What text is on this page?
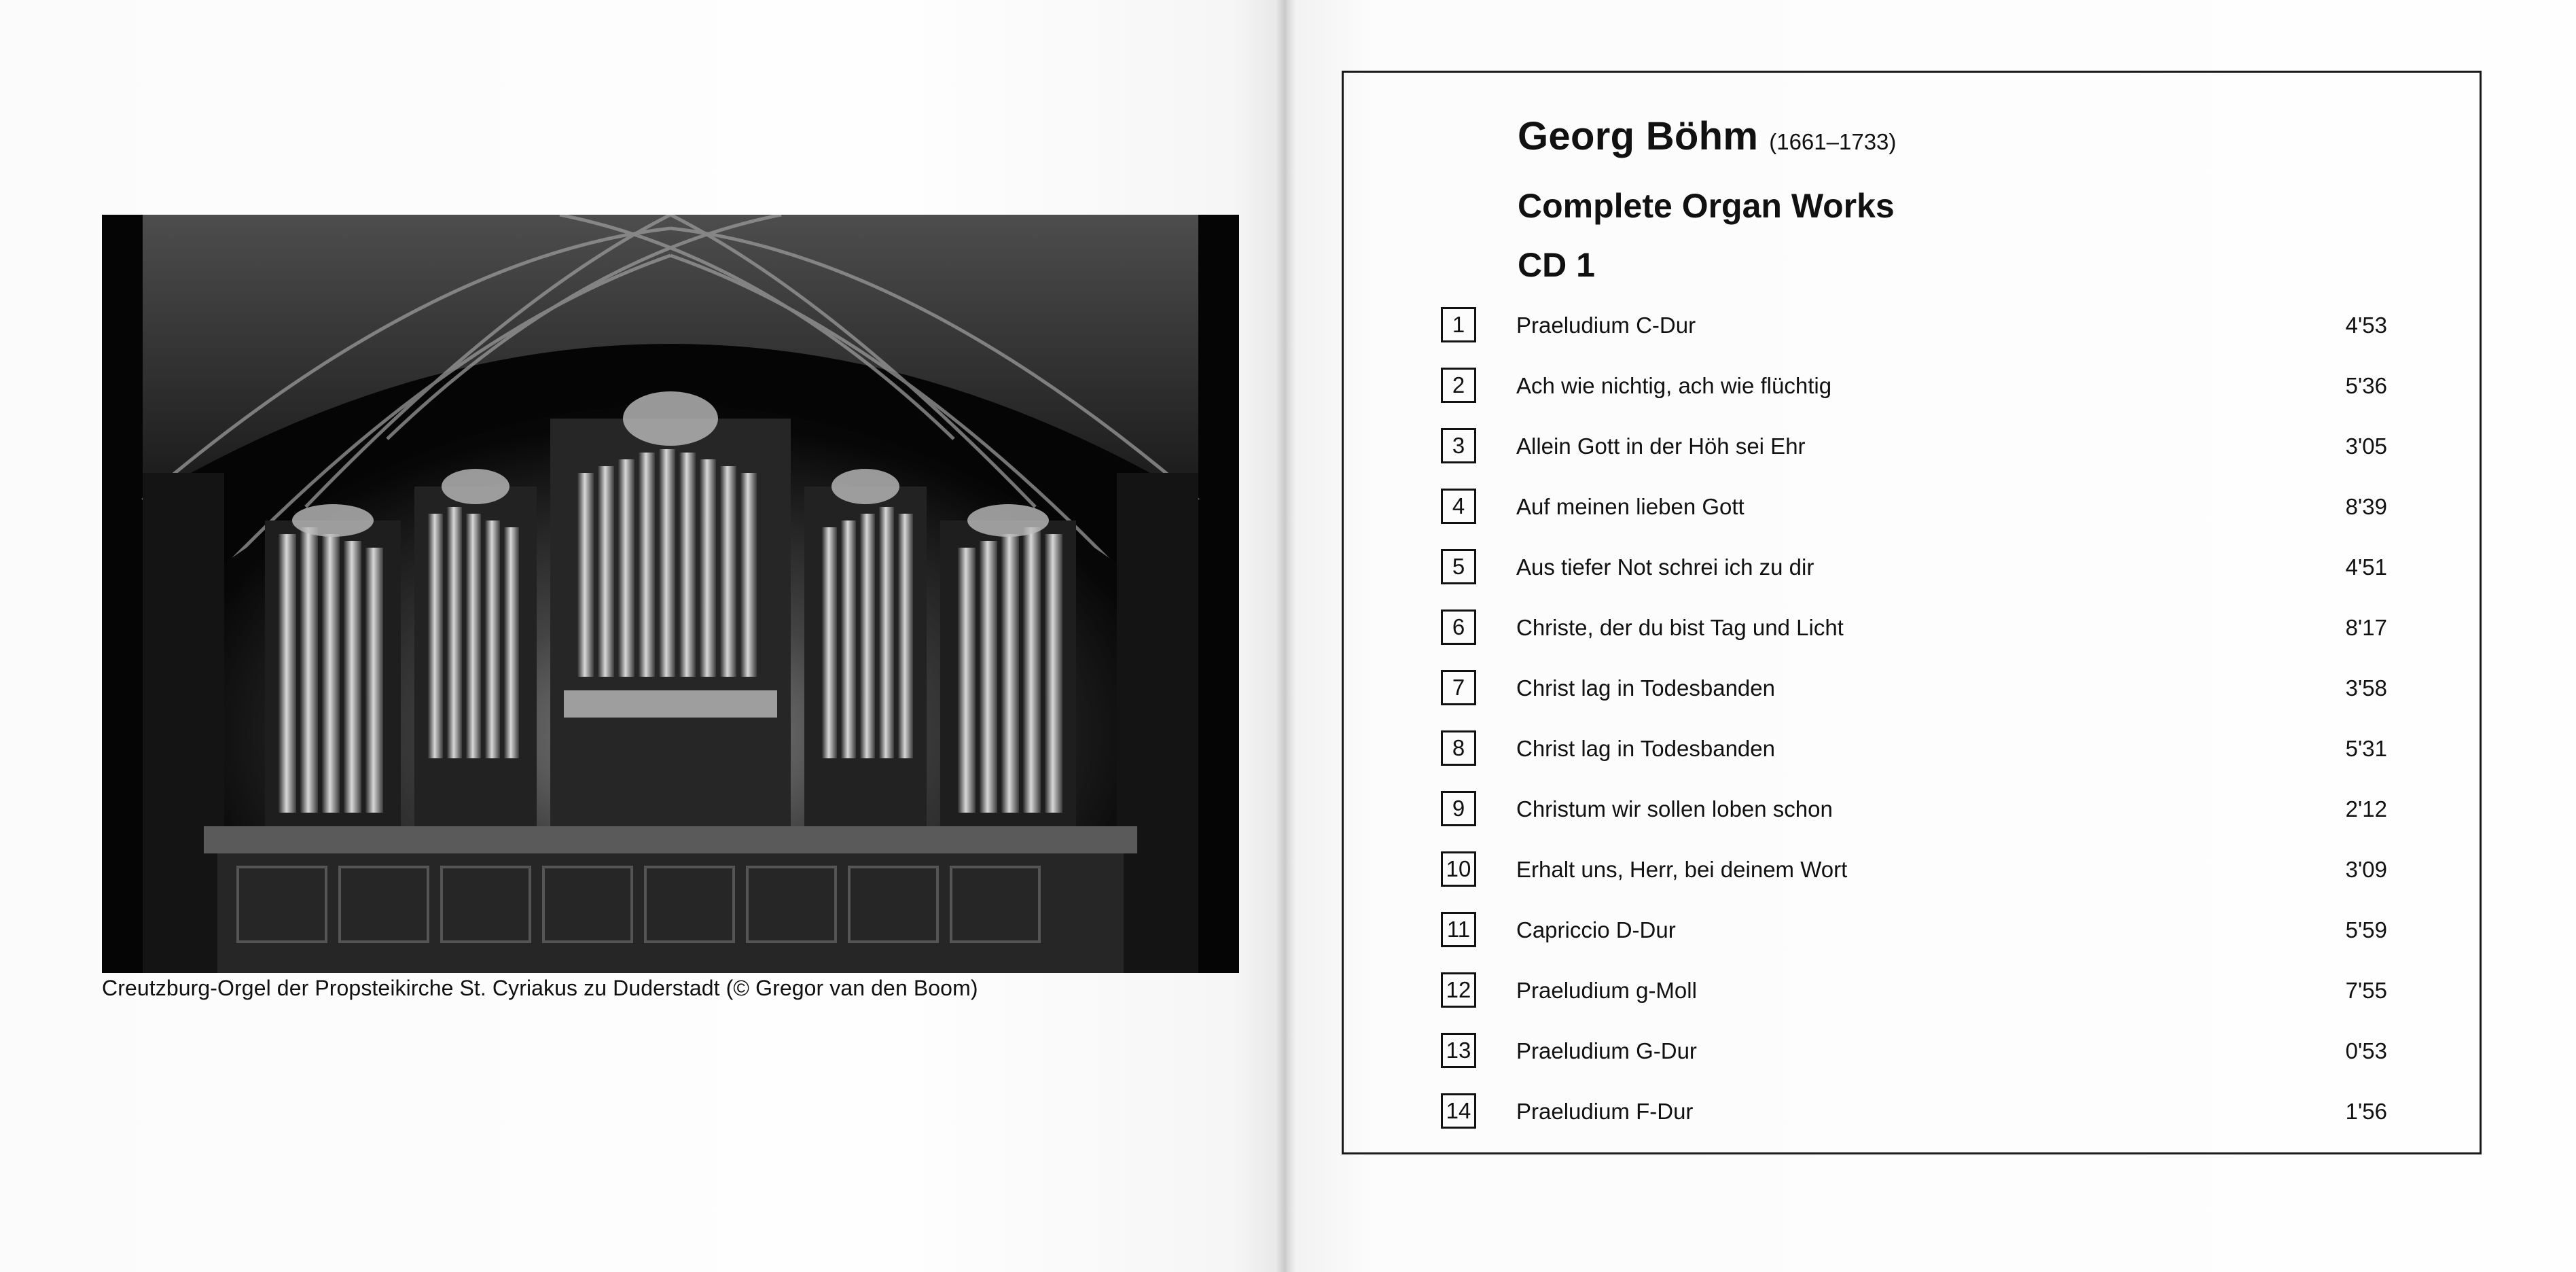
Creutzburg-Orgel der Propsteikirche St. Cyriakus zu Duderstadt (© Gregor van den Boom)
Georg Böhm (1661–1733)
Complete Organ Works
CD 1
1	Praeludium C-Dur	4'53
2	Ach wie nichtig, ach wie flüchtig	5'36
3	Allein Gott in der Höh sei Ehr	3'05
4	Auf meinen lieben Gott	8'39
5	Aus tiefer Not schrei ich zu dir	4'51
6	Christe, der du bist Tag und Licht	8'17
7	Christ lag in Todesbanden	3'58
8	Christ lag in Todesbanden	5'31
9	Christum wir sollen loben schon	2'12
10 Erhalt uns, Herr, bei deinem Wort	3'09
11 Capriccio D-Dur	5'59
12 Praeludium g-Moll	7'55
13 Praeludium G-Dur	0'53
14 Praeludium F-Dur	1'56
